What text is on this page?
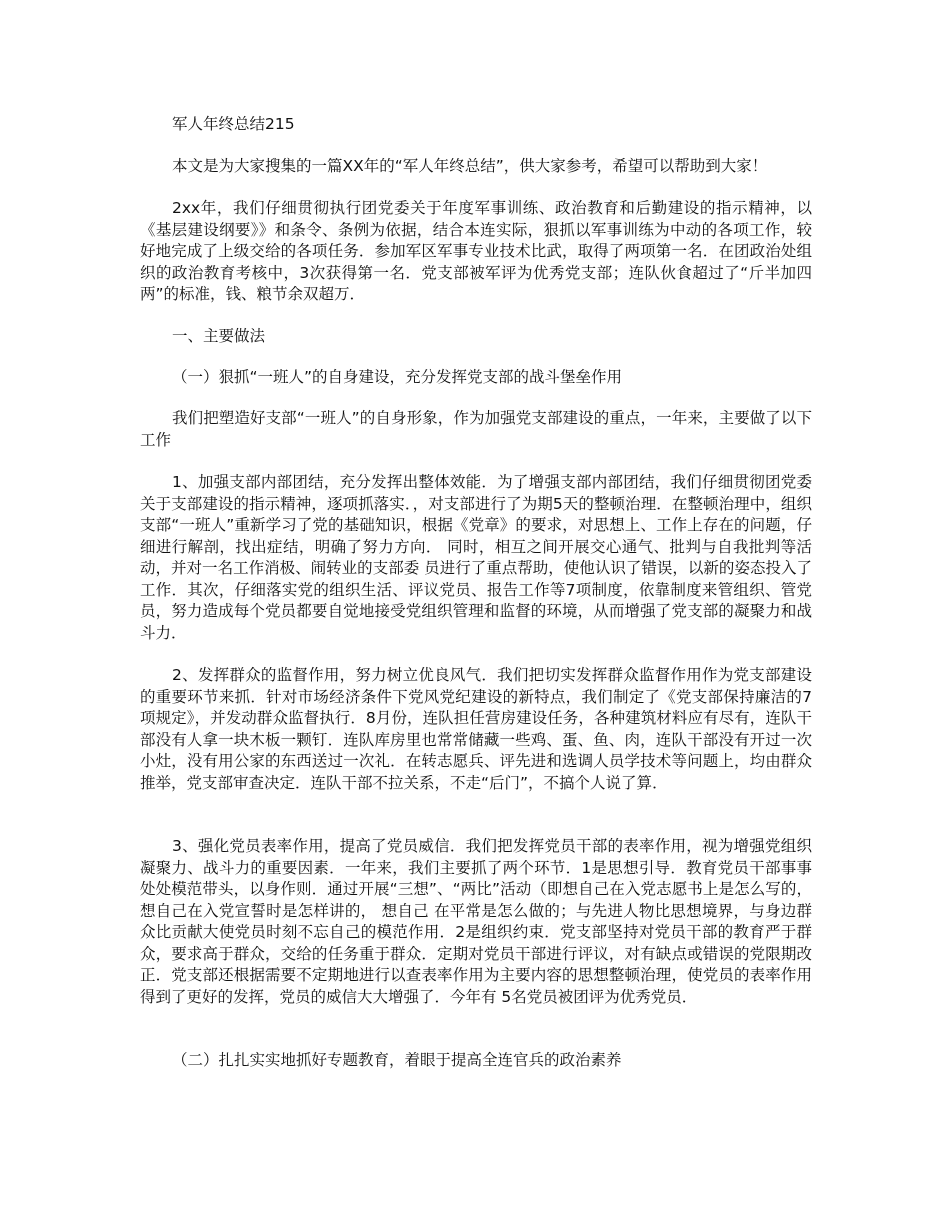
军人年终总结215

本文是为大家搜集的一篇XX年的“军人年终总结”，供大家参考，希望可以帮助到大家！

2xx年，我们仔细贯彻执行团党委关于年度军事训练、政治教育和后勤建设的指示精神，以《基层建设纲要》》和条令、条例为依据，结合本连实际，狠抓以军事训练为中动的各项工作，较好地完成了上级交给的各项任务．参加军区军事专业技术比武，取得了两项第一名．在团政治处组织的政治教育考核中，3次获得第一名．党支部被军评为优秀党支部；连队伙食超过了“斤半加四两”的标准，钱、粮节余双超万．

一、主要做法

（一）狠抓“一班人”的自身建设，充分发挥党支部的战斗堡垒作用

我们把塑造好支部“一班人”的自身形象，作为加强党支部建设的重点，一年来，主要做了以下工作

1、加强支部内部团结，充分发挥出整体效能．为了增强支部内部团结，我们仔细贯彻团党委关于支部建设的指示精神，逐项抓落实．，对支部进行了为期5天的整顿治理．在整顿治理中，组织支部“一班人”重新学习了党的基础知识，根据《党章》的要求，对思想上、工作上存在的问题，仔细进行解剖，找出症结，明确了努力方向． 同时，相互之间开展交心通气、批判与自我批判等活动，并对一名工作消极、闹转业的支部委 员进行了重点帮助，使他认识了错误，以新的姿态投入了工作．其次，仔细落实党的组织生活、评议党员、报告工作等7项制度，依靠制度来管组织、管党员，努力造成每个党员都要自觉地接受党组织管理和监督的环境，从而增强了党支部的凝聚力和战斗力．

2、发挥群众的监督作用，努力树立优良风气．我们把切实发挥群众监督作用作为党支部建设的重要环节来抓．针对市场经济条件下党风党纪建设的新特点，我们制定了《党支部保持廉洁的7项规定》，并发动群众监督执行．8月份，连队担任营房建设任务，各种建筑材料应有尽有，连队干部没有人拿一块木板一颗钉．连队库房里也常常储藏一些鸡、蛋、鱼、肉，连队干部没有开过一次小灶，没有用公家的东西送过一次礼．在转志愿兵、评先进和选调人员学技术等问题上，均由群众推举，党支部审查决定．连队干部不拉关系，不走“后门”，不搞个人说了算．

3、强化党员表率作用，提高了党员威信．我们把发挥党员干部的表率作用，视为增强党组织凝聚力、战斗力的重要因素．一年来，我们主要抓了两个环节．1是思想引导．教育党员干部事事处处模范带头，以身作则．通过开展“三想”、“两比”活动（即想自己在入党志愿书上是怎么写的，想自己在入党宣誓时是怎样讲的， 想自己 在平常是怎么做的；与先进人物比思想境界，与身边群众比贡献大使党员时刻不忘自己的模范作用．2是组织约束．党支部坚持对党员干部的教育严于群众，要求高于群众，交给的任务重于群众．定期对党员干部进行评议，对有缺点或错误的党限期改正．党支部还根据需要不定期地进行以查表率作用为主要内容的思想整顿治理，使党员的表率作用得到了更好的发挥，党员的威信大大增强了．今年有 5名党员被团评为优秀党员．

（二）扎扎实实地抓好专题教育，着眼于提高全连官兵的政治素养
